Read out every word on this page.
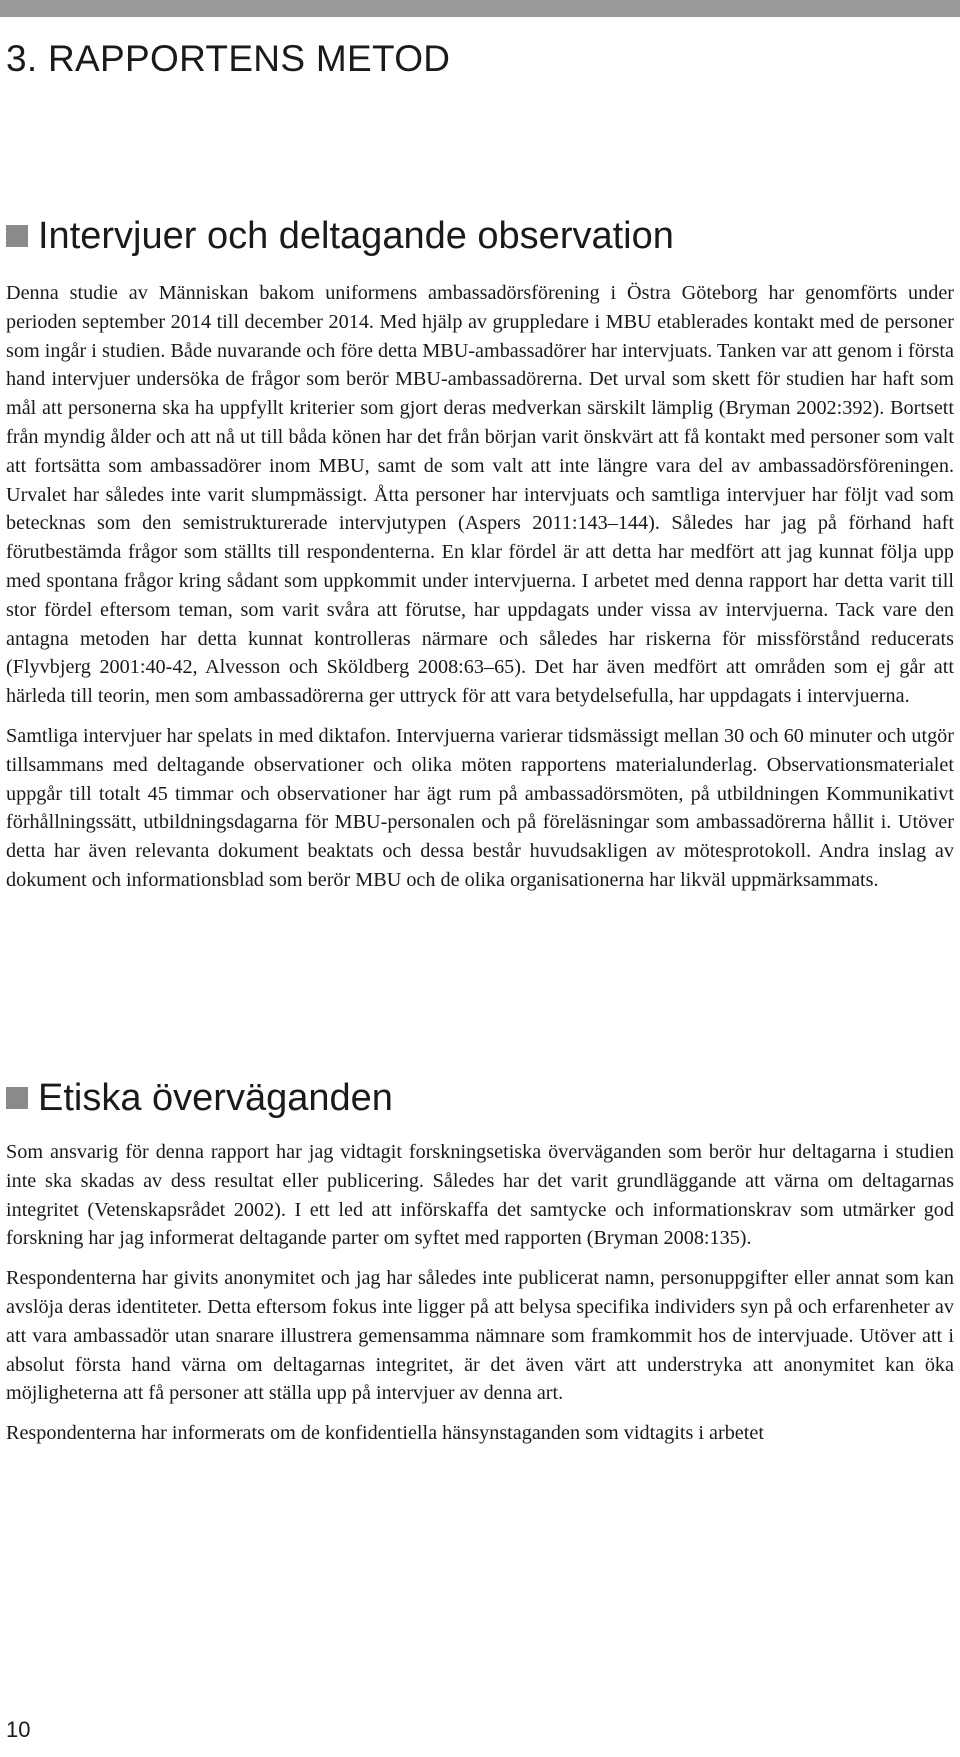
3. RAPPORTENS METOD
Intervjuer och deltagande observation

Denna studie av Människan bakom uniformens ambassadörsförening i Östra Göteborg har genomförts under perioden september 2014 till december 2014. Med hjälp av gruppledare i MBU etablerades kontakt med de personer som ingår i studien. Både nuvarande och före detta MBU-ambassadörer har intervjuats. Tanken var att genom i första hand intervjuer undersöka de frågor som berör MBU-ambassadörerna. Det urval som skett för studien har haft som mål att personerna ska ha uppfyllt kriterier som gjort deras medverkan särskilt lämplig (Bryman 2002:392). Bortsett från myndig ålder och att nå ut till båda könen har det från början varit önskvärt att få kontakt med personer som valt att fortsätta som ambassadörer inom MBU, samt de som valt att inte längre vara del av ambassadörsföreningen. Urvalet har således inte varit slumpmässigt. Åtta personer har intervjuats och samtliga intervjuer har följt vad som betecknas som den semistrukturerade intervjutypen (Aspers 2011:143–144). Således har jag på förhand haft förutbestämda frågor som ställts till respondenterna. En klar fördel är att detta har medfört att jag kunnat följa upp med spontana frågor kring sådant som uppkommit under intervjuerna. I arbetet med denna rapport har detta varit till stor fördel eftersom teman, som varit svåra att förutse, har uppdagats under vissa av intervjuerna. Tack vare den antagna metoden har detta kunnat kontrolleras närmare och således har riskerna för missförstånd reducerats (Flyvbjerg 2001:40-42, Alvesson och Sköldberg 2008:63–65). Det har även medfört att områden som ej går att härleda till teorin, men som ambassadörerna ger uttryck för att vara betydelsefulla, har uppdagats i intervjuerna.

Samtliga intervjuer har spelats in med diktafon. Intervjuerna varierar tidsmässigt mellan 30 och 60 minuter och utgör tillsammans med deltagande observationer och olika möten rapportens materialunderlag. Observationsmaterialet uppgår till totalt 45 timmar och observationer har ägt rum på ambassadörsmöten, på utbildningen Kommunikativt förhållningssätt, utbildningsdagarna för MBU-personalen och på föreläsningar som ambassadörerna hållit i. Utöver detta har även relevanta dokument beaktats och dessa består huvudsakligen av mötesprotokoll. Andra inslag av dokument och informationsblad som berör MBU och de olika organisationerna har likväl uppmärksammats.

Etiska överväganden

Som ansvarig för denna rapport har jag vidtagit forskningsetiska överväganden som berör hur deltagarna i studien inte ska skadas av dess resultat eller publicering. Således har det varit grundläggande att värna om deltagarnas integritet (Vetenskapsrådet 2002). I ett led att införskaffa det samtycke och informationskrav som utmärker god forskning har jag informerat deltagande parter om syftet med rapporten (Bryman 2008:135).

Respondenterna har givits anonymitet och jag har således inte publicerat namn, personuppgifter eller annat som kan avslöja deras identiteter. Detta eftersom fokus inte ligger på att belysa specifika individers syn på och erfarenheter av att vara ambassadör utan snarare illustrera gemensamma nämnare som framkommit hos de intervjuade. Utöver att i absolut första hand värna om deltagarnas integritet, är det även värt att understryka att anonymitet kan öka möjligheterna att få personer att ställa upp på intervjuer av denna art.

Respondenterna har informerats om de konfidentiella hänsynstaganden som vidtagits i arbetet

10
